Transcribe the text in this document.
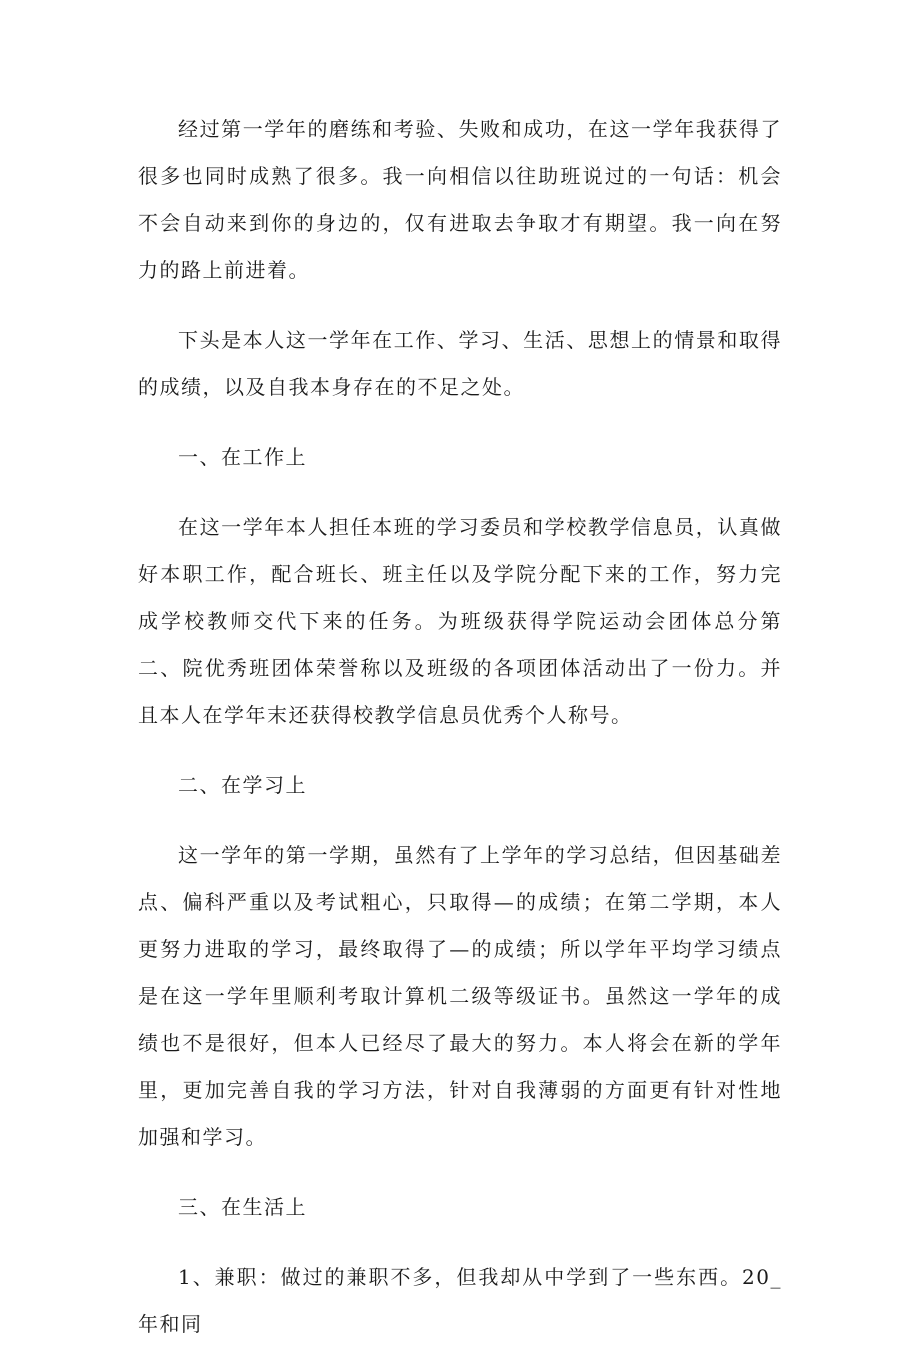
经过第一学年的磨练和考验、失败和成功，在这一学年我获得了很多也同时成熟了很多。我一向相信以往助班说过的一句话：机会不会自动来到你的身边的，仅有进取去争取才有期望。我一向在努力的路上前进着。

下头是本人这一学年在工作、学习、生活、思想上的情景和取得的成绩，以及自我本身存在的不足之处。

一、在工作上

在这一学年本人担任本班的学习委员和学校教学信息员，认真做好本职工作，配合班长、班主任以及学院分配下来的工作，努力完成学校教师交代下来的任务。为班级获得学院运动会团体总分第二、院优秀班团体荣誉称以及班级的各项团体活动出了一份力。并且本人在学年末还获得校教学信息员优秀个人称号。

二、在学习上

这一学年的第一学期，虽然有了上学年的学习总结，但因基础差点、偏科严重以及考试粗心，只取得—的成绩；在第二学期，本人更努力进取的学习，最终取得了—的成绩；所以学年平均学习绩点是在这一学年里顺利考取计算机二级等级证书。虽然这一学年的成绩也不是很好，但本人已经尽了最大的努力。本人将会在新的学年里，更加完善自我的学习方法，针对自我薄弱的方面更有针对性地加强和学习。

三、在生活上

1、兼职：做过的兼职不多，但我却从中学到了一些东西。20_年和同
